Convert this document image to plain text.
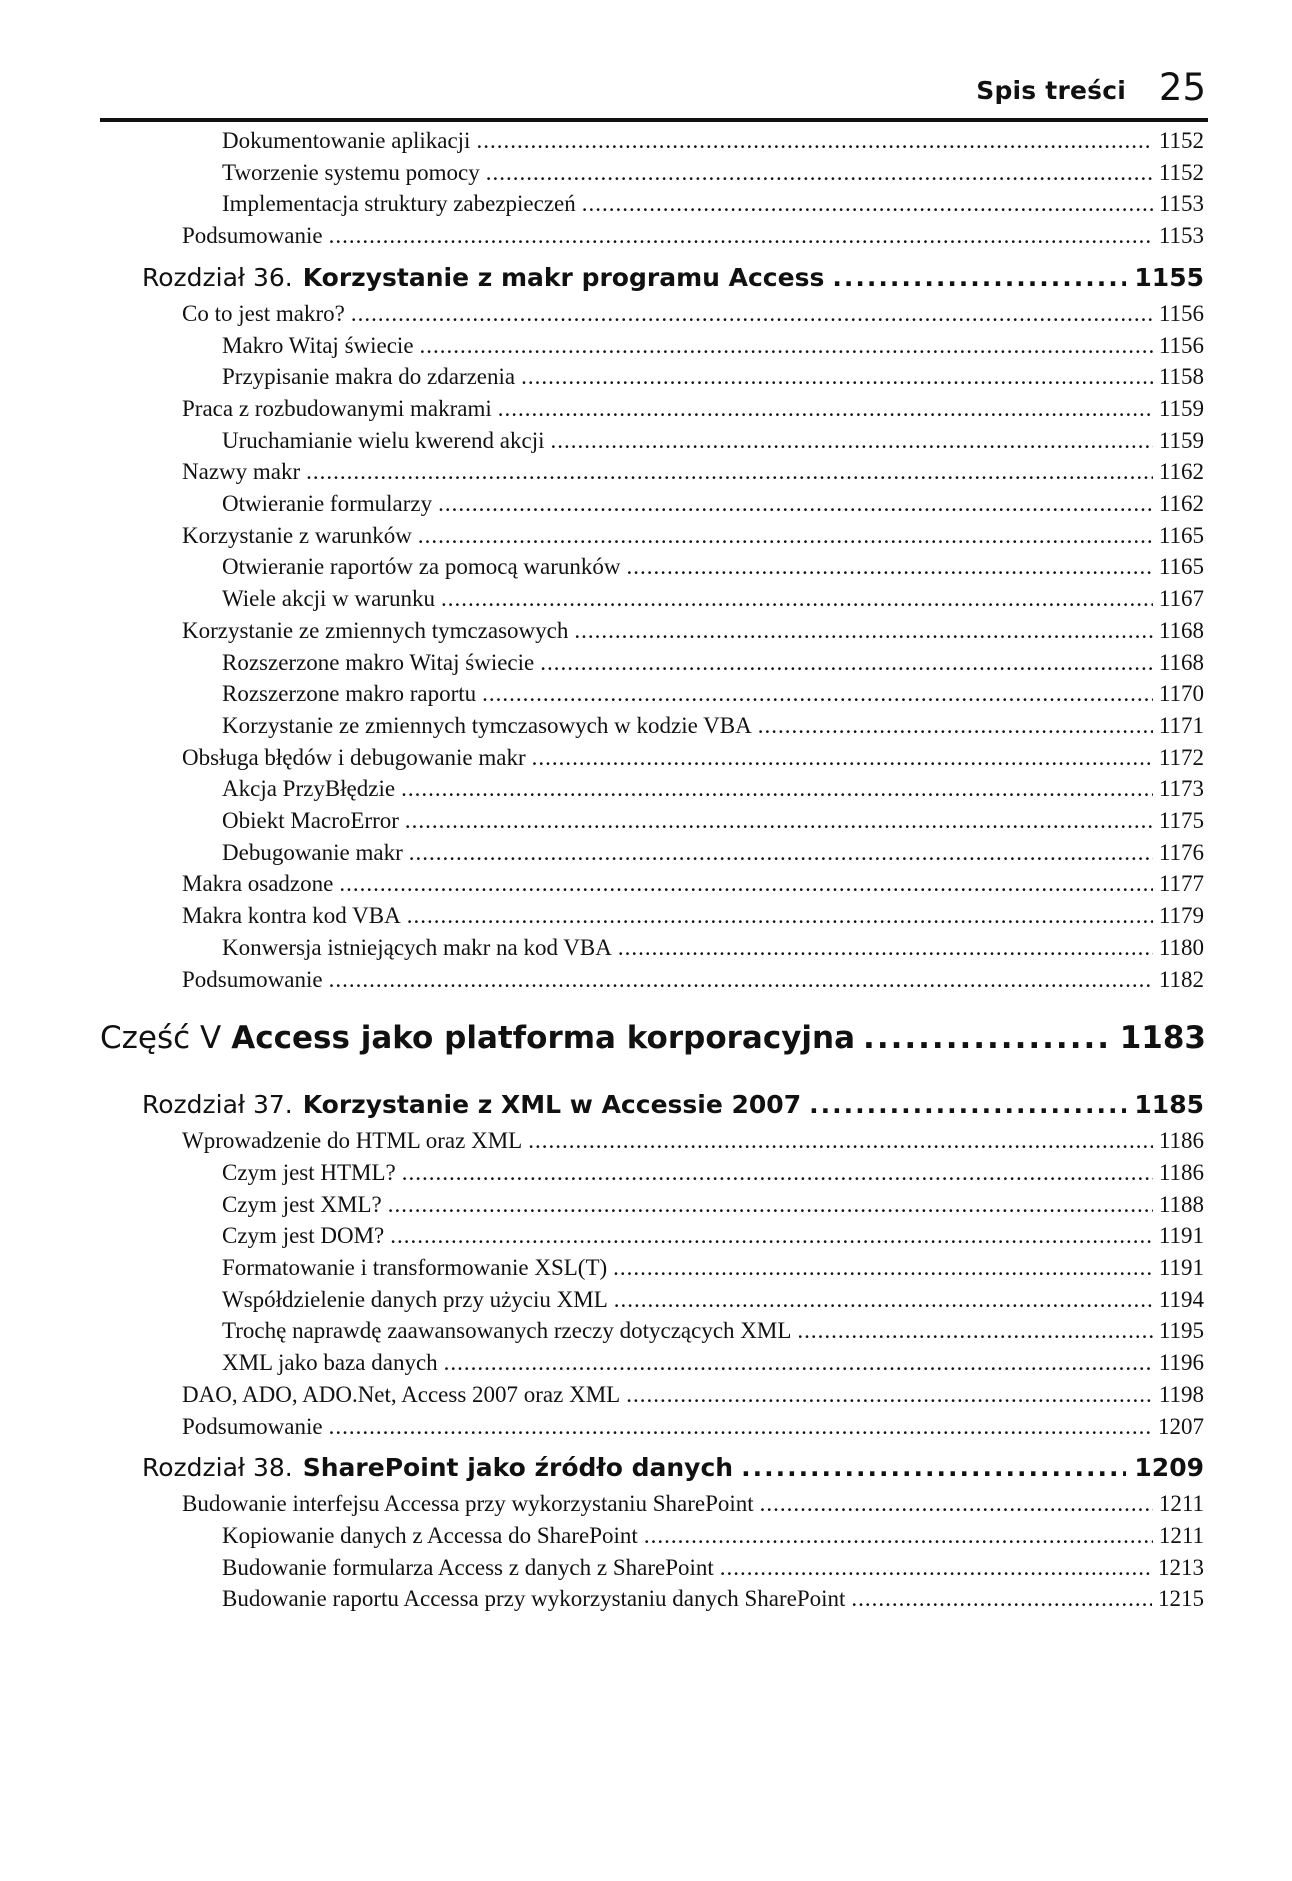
Spis treści 25
Dokumentowanie aplikacji .....	1152
Tworzenie systemu pomocy .....	1152
Implementacja struktury zabezpieczeń .....	1153
Podsumowanie .....	1153
Rozdział 36. Korzystanie z makr programu Access .....	1155
Co to jest makro? .....	1156
Makro Witaj świecie .....	1156
Przypisanie makra do zdarzenia .....	1158
Praca z rozbudowanymi makrami .....	1159
Uruchamianie wielu kwerend akcji .....	1159
Nazwy makr .....	1162
Otwieranie formularzy .....	1162
Korzystanie z warunków .....	1165
Otwieranie raportów za pomocą warunków .....	1165
Wiele akcji w warunku .....	1167
Korzystanie ze zmiennych tymczasowych .....	1168
Rozszerzone makro Witaj świecie .....	1168
Rozszerzone makro raportu .....	1170
Korzystanie ze zmiennych tymczasowych w kodzie VBA .....	1171
Obsługa błędów i debugowanie makr .....	1172
Akcja PrzyBłędzie .....	1173
Obiekt MacroError .....	1175
Debugowanie makr .....	1176
Makra osadzone .....	1177
Makra kontra kod VBA .....	1179
Konwersja istniejących makr na kod VBA .....	1180
Podsumowanie .....	1182
Część V Access jako platforma korporacyjna .....	1183
Rozdział 37. Korzystanie z XML w Accessie 2007 .....	1185
Wprowadzenie do HTML oraz XML .....	1186
Czym jest HTML? .....	1186
Czym jest XML? .....	1188
Czym jest DOM? .....	1191
Formatowanie i transformowanie XSL(T) .....	1191
Współdzielenie danych przy użyciu XML .....	1194
Trochę naprawdę zaawansowanych rzeczy dotyczących XML .....	1195
XML jako baza danych .....	1196
DAO, ADO, ADO.Net, Access 2007 oraz XML .....	1198
Podsumowanie .....	1207
Rozdział 38. SharePoint jako źródło danych .....	1209
Budowanie interfejsu Accessa przy wykorzystaniu SharePoint .....	1211
Kopiowanie danych z Accessa do SharePoint .....	1211
Budowanie formularza Access z danych z SharePoint .....	1213
Budowanie raportu Accessa przy wykorzystaniu danych SharePoint .....	1215
